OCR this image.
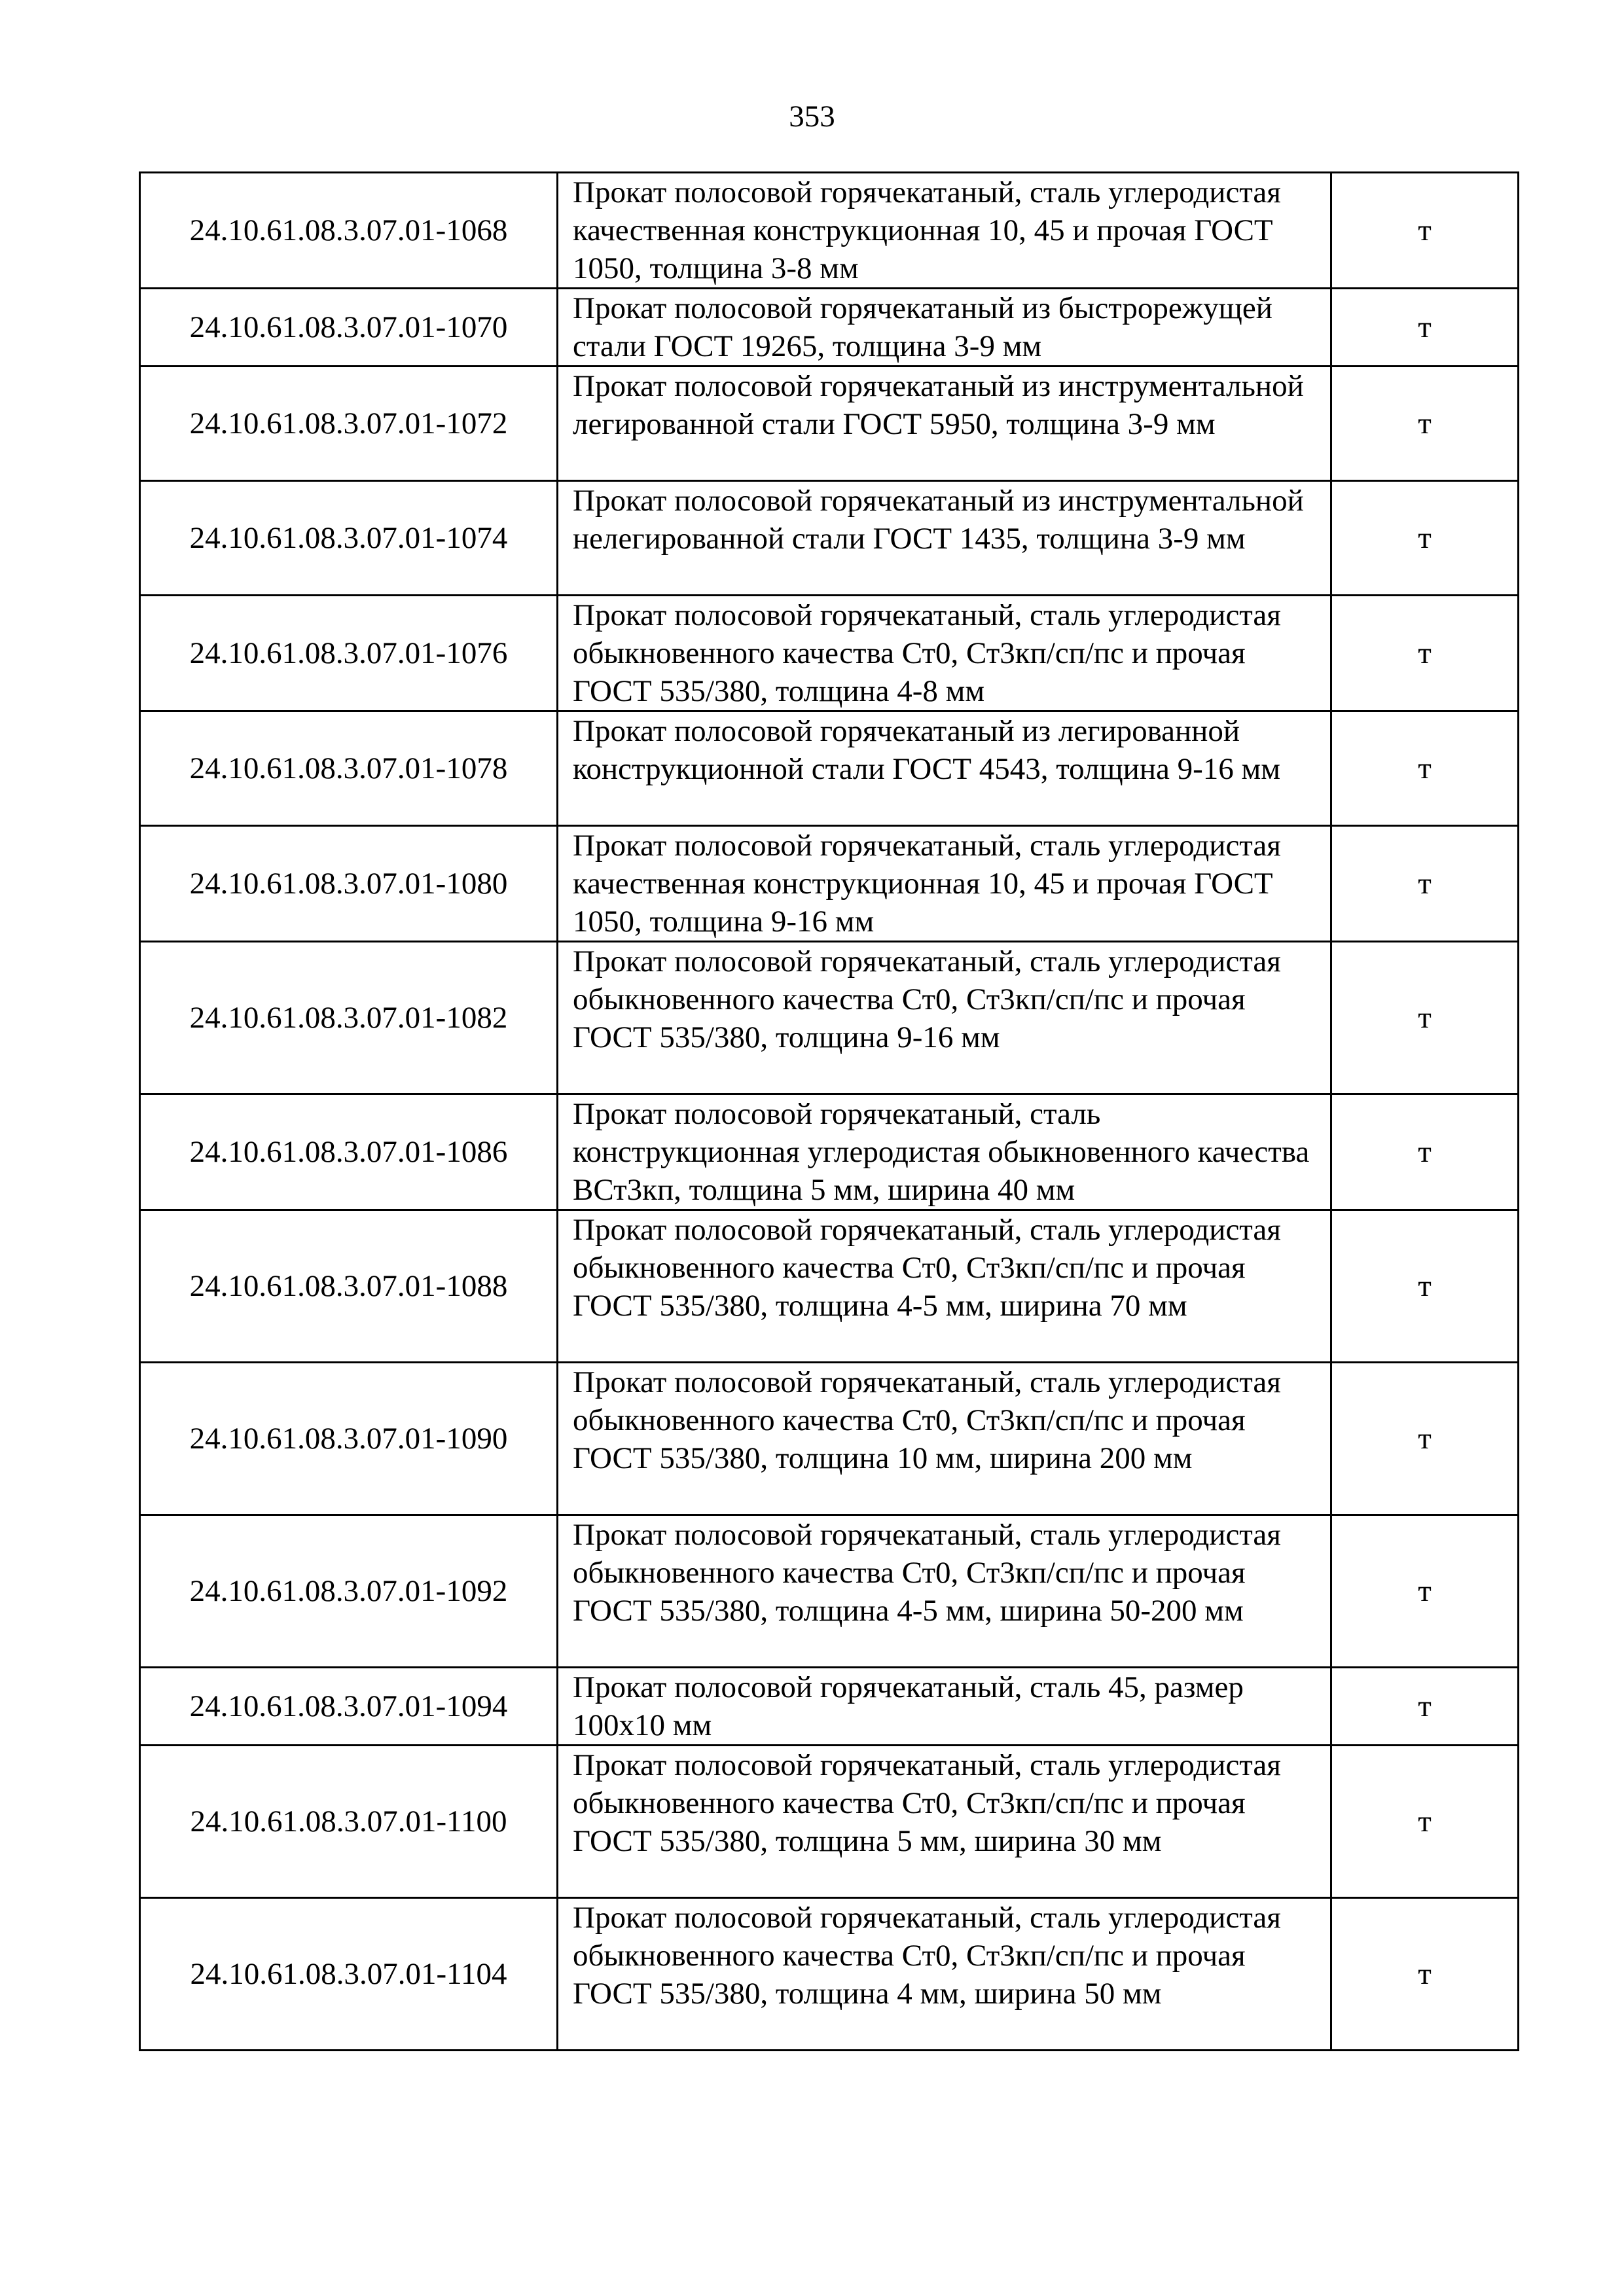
353
24.10.61.08.3.07.01-1068	Прокат полосовой горячекатаный, сталь углеродистая качественная конструкционная 10, 45 и прочая ГОСТ 1050, толщина 3-8 мм	т
24.10.61.08.3.07.01-1070	Прокат полосовой горячекатаный из быстрорежущей стали ГОСТ 19265, толщина 3-9 мм	т
24.10.61.08.3.07.01-1072	Прокат полосовой горячекатаный из инструментальной легированной стали ГОСТ 5950, толщина 3-9 мм	т
24.10.61.08.3.07.01-1074	Прокат полосовой горячекатаный из инструментальной нелегированной стали ГОСТ 1435, толщина 3-9 мм	т
24.10.61.08.3.07.01-1076	Прокат полосовой горячекатаный, сталь углеродистая обыкновенного качества Ст0, Ст3кп/сп/пс и прочая ГОСТ 535/380, толщина 4-8 мм	т
24.10.61.08.3.07.01-1078	Прокат полосовой горячекатаный из легированной конструкционной стали ГОСТ 4543, толщина 9-16 мм	т
24.10.61.08.3.07.01-1080	Прокат полосовой горячекатаный, сталь углеродистая качественная конструкционная 10, 45 и прочая ГОСТ 1050, толщина 9-16 мм	т
24.10.61.08.3.07.01-1082	Прокат полосовой горячекатаный, сталь углеродистая обыкновенного качества Ст0, Ст3кп/сп/пс и прочая ГОСТ 535/380, толщина 9-16 мм	т
24.10.61.08.3.07.01-1086	Прокат полосовой горячекатаный, сталь конструкционная углеродистая обыкновенного качества ВСт3кп, толщина 5 мм, ширина 40 мм	т
24.10.61.08.3.07.01-1088	Прокат полосовой горячекатаный, сталь углеродистая обыкновенного качества Ст0, Ст3кп/сп/пс и прочая ГОСТ 535/380, толщина 4-5 мм, ширина 70 мм	т
24.10.61.08.3.07.01-1090	Прокат полосовой горячекатаный, сталь углеродистая обыкновенного качества Ст0, Ст3кп/сп/пс и прочая ГОСТ 535/380, толщина 10 мм, ширина 200 мм	т
24.10.61.08.3.07.01-1092	Прокат полосовой горячекатаный, сталь углеродистая обыкновенного качества Ст0, Ст3кп/сп/пс и прочая ГОСТ 535/380, толщина 4-5 мм, ширина 50-200 мм	т
24.10.61.08.3.07.01-1094	Прокат полосовой горячекатаный, сталь 45, размер 100х10 мм	т
24.10.61.08.3.07.01-1100	Прокат полосовой горячекатаный, сталь углеродистая обыкновенного качества Ст0, Ст3кп/сп/пс и прочая ГОСТ 535/380, толщина 5 мм, ширина 30 мм	т
24.10.61.08.3.07.01-1104	Прокат полосовой горячекатаный, сталь углеродистая обыкновенного качества Ст0, Ст3кп/сп/пс и прочая ГОСТ 535/380, толщина 4 мм, ширина 50 мм	т
